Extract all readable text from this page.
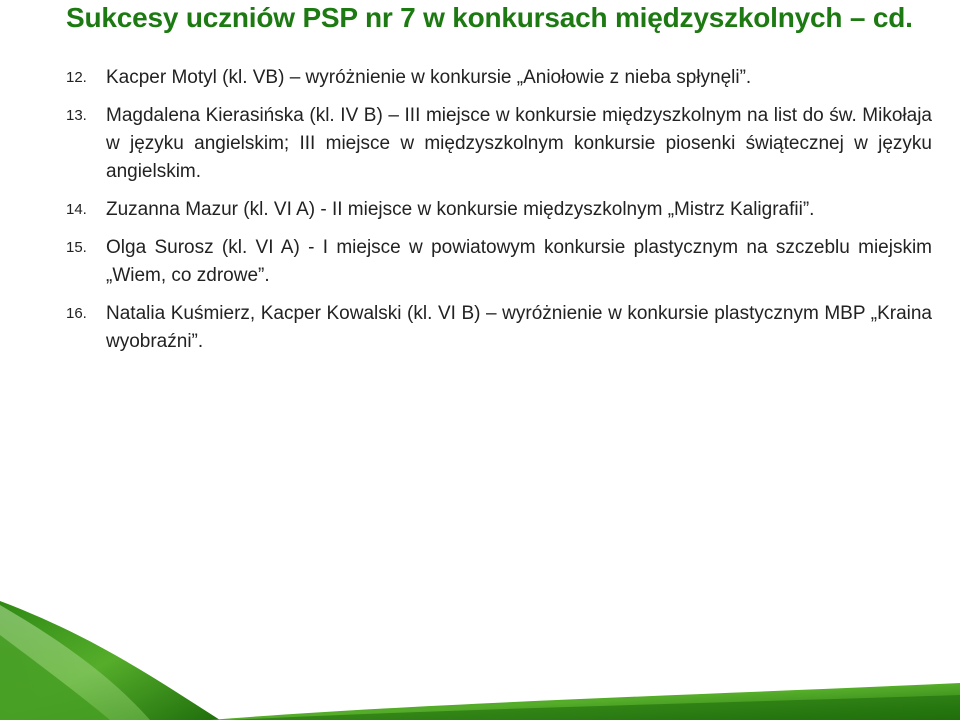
Sukcesy uczniów PSP nr 7 w konkursach międzyszkolnych – cd.
12.	Kacper Motyl (kl. VB) – wyróżnienie w konkursie „Aniołowie z nieba spłynęli”.
13.	Magdalena Kierasińska (kl. IV B) – III miejsce w konkursie międzyszkolnym na list do św. Mikołaja w języku angielskim; III miejsce w międzyszkolnym konkursie piosenki świątecznej w języku angielskim.
14.	Zuzanna Mazur (kl. VI A) - II miejsce w konkursie międzyszkolnym „Mistrz Kaligrafii”.
15.	Olga Surosz (kl. VI A) - I miejsce w powiatowym konkursie plastycznym na szczeblu miejskim „Wiem, co zdrowe”.
16.	Natalia Kuśmierz, Kacper Kowalski (kl. VI B) – wyróżnienie w konkursie plastycznym MBP „Kraina wyobraźni”.
